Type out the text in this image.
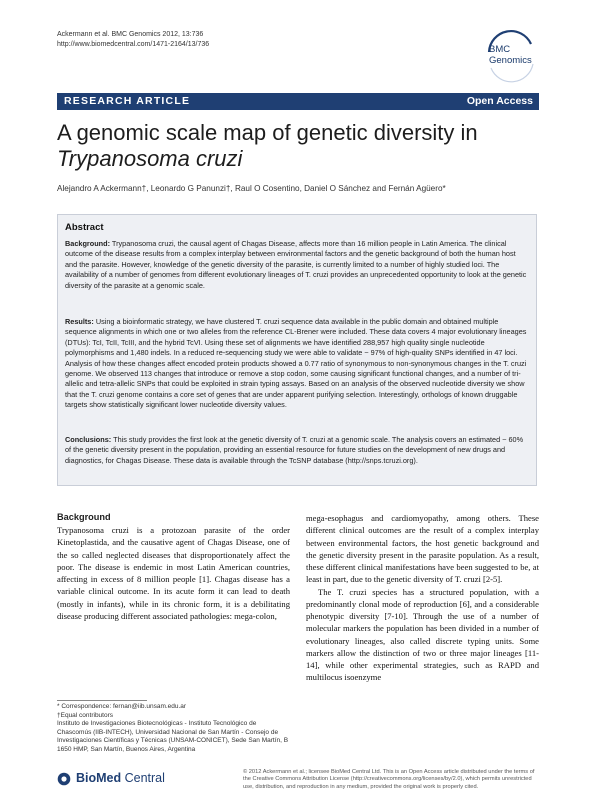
Ackermann et al. BMC Genomics 2012, 13:736
http://www.biomedcentral.com/1471-2164/13/736	BMC
Genomics
RESEARCH ARTICLE	Open Access
A genomic scale map of genetic diversity in
Trypanosoma cruzi
Alejandro A Ackermann†, Leonardo G Panunzi†, Raul O Cosentino, Daniel O Sánchez and Fernán Agüero*
Abstract
Background: Trypanosoma cruzi, the causal agent of Chagas Disease, affects more than 16 million people in Latin America. The clinical outcome of the disease results from a complex interplay between environmental factors and the genetic background of both the human host and the parasite. However, knowledge of the genetic diversity of the parasite, is currently limited to a number of highly studied loci. The availability of a number of genomes from different evolutionary lineages of T. cruzi provides an unprecedented opportunity to look at the genetic diversity of the parasite at a genomic scale.
Results: Using a bioinformatic strategy, we have clustered T. cruzi sequence data available in the public domain and obtained multiple sequence alignments in which one or two alleles from the reference CL-Brener were included. These data covers 4 major evolutionary lineages (DTUs): TcI, TcII, TcIII, and the hybrid TcVI. Using these set of alignments we have identified 288,957 high quality single nucleotide polymorphisms and 1,480 indels. In a reduced re-sequencing study we were able to validate ~ 97% of high-quality SNPs identified in 47 loci. Analysis of how these changes affect encoded protein products showed a 0.77 ratio of synonymous to non-synonymous changes in the T. cruzi genome. We observed 113 changes that introduce or remove a stop codon, some causing significant functional changes, and a number of tri-allelic and tetra-allelic SNPs that could be exploited in strain typing assays. Based on an analysis of the observed nucleotide diversity we show that the T. cruzi genome contains a core set of genes that are under apparent purifying selection. Interestingly, orthologs of known druggable targets show statistically significant lower nucleotide diversity values.
Conclusions: This study provides the first look at the genetic diversity of T. cruzi at a genomic scale. The analysis covers an estimated ~ 60% of the genetic diversity present in the population, providing an essential resource for future studies on the development of new drugs and diagnostics, for Chagas Disease. These data is available through the TcSNP database (http://snps.tcruzi.org).
Background

Trypanosoma cruzi is a protozoan parasite of the order Kinetoplastida, and the causative agent of Chagas Disease, one of the so called neglected diseases that disproportionately affect the poor. The disease is endemic in most Latin American countries, affecting in excess of 8 million people [1]. Chagas disease has a variable clinical outcome. In its acute form it can lead to death (mostly in infants), while in its chronic form, it is a debilitating disease producing different associated pathologies: mega-colon,

mega-esophagus and cardiomyopathy, among others. These different clinical outcomes are the result of a complex interplay between environmental factors, the host genetic background and the genetic diversity present in the parasite population. As a result, these different clinical manifestations have been suggested to be, at least in part, due to the genetic diversity of T. cruzi [2-5].

The T. cruzi species has a structured population, with a predominantly clonal mode of reproduction [6], and a considerable phenotypic diversity [7-10]. Through the use of a number of molecular markers the population has been divided in a number of evolutionary lineages, also called discrete typing units. Some markers allow the distinction of two or three major lineages [11-14], while other experimental strategies, such as RAPD and multilocus isoenzyme

* Correspondence: fernan@iib.unsam.edu.ar
†Equal contributors
Instituto de Investigaciones Biotecnológicas - Instituto Tecnológico de Chascomús (IIB-INTECH), Universidad Nacional de San Martín - Consejo de Investigaciones Científicas y Técnicas (UNSAM-CONICET), Sede San Martín, B 1650 HMP, San Martín, Buenos Aires, Argentina
BioMed Central	© 2012 Ackermann et al.; licensee BioMed Central Ltd. This is an Open Access article distributed under the terms of the Creative Commons Attribution License (http://creativecommons.org/licenses/by/2.0), which permits unrestricted use, distribution, and reproduction in any medium, provided the original work is properly cited.
